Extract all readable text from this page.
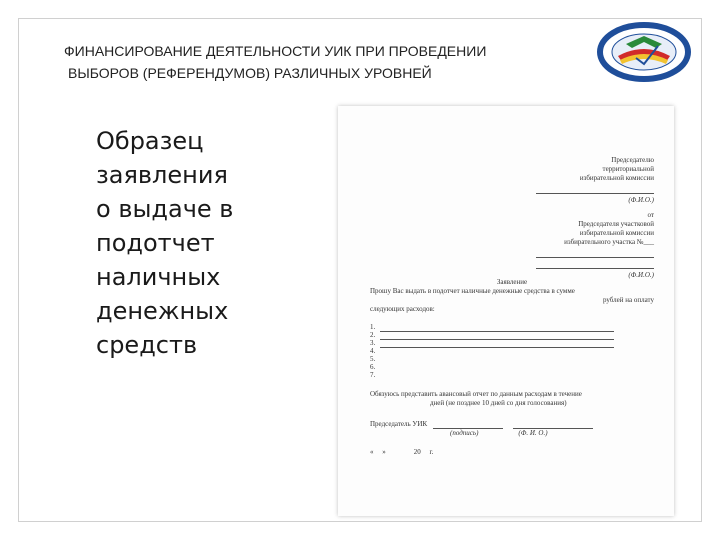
ФИНАНСИРОВАНИЕ ДЕЯТЕЛЬНОСТИ УИК ПРИ ПРОВЕДЕНИИ
ВЫБОРОВ (РЕФЕРЕНДУМОВ) РАЗЛИЧНЫХ УРОВНЕЙ
Образец
заявления
о выдаче в
подотчет
наличных
денежных
средств
Председателю
территориальной
избирательной комиссии
(Ф.И.О.)
от
Председателя участковой
избирательной комиссии
избирательного участка №___
(Ф.И.О.)
Заявление
Прошу Вас выдать в подотчет наличные денежные средства в сумме
рублей на оплату
следующих расходов:
1.
2.
3.
4.
5.
6.
7.
Обязуюсь представить авансовый отчет по данным расходам в течение
дней (не позднее 10 дней со дня голосования)
Председатель УИК
(подпись)	(Ф. И. О.)
«     »                20     г.
